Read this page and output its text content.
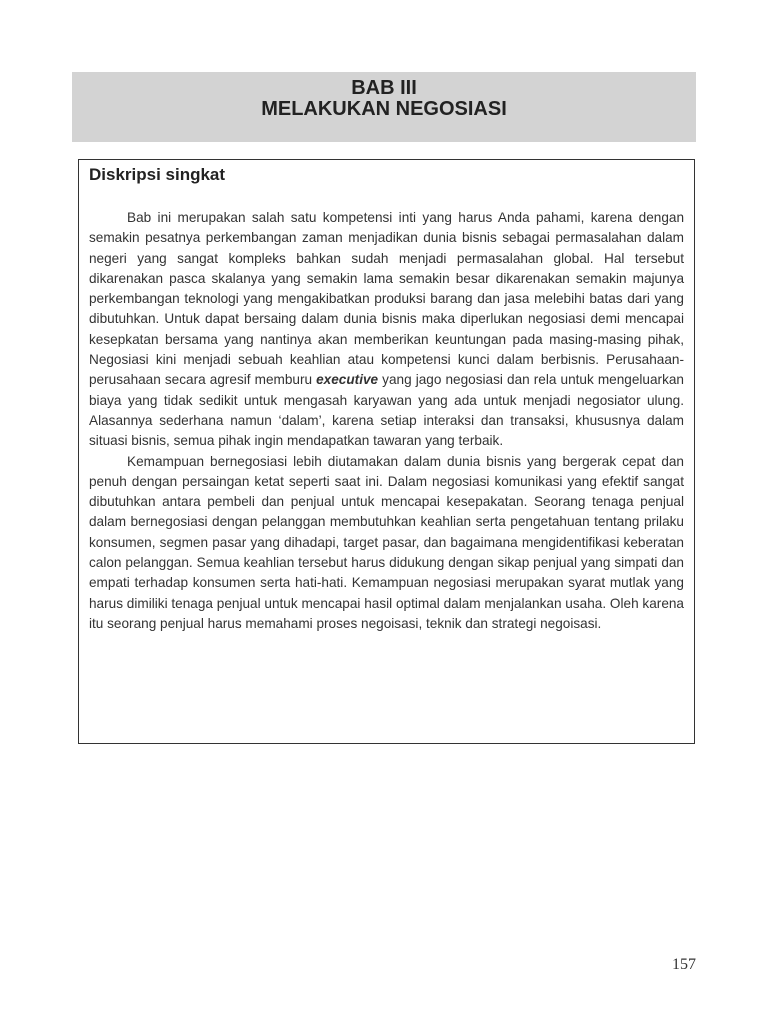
BAB III
MELAKUKAN NEGOSIASI
Diskripsi singkat

Bab ini merupakan salah satu kompetensi inti yang harus Anda pahami, karena dengan semakin pesatnya perkembangan zaman menjadikan dunia bisnis sebagai permasalahan dalam negeri yang sangat kompleks bahkan sudah menjadi permasalahan global. Hal tersebut dikarenakan pasca skalanya yang semakin lama semakin besar dikarenakan semakin majunya perkembangan teknologi yang mengakibatkan produksi barang dan jasa melebihi batas dari yang dibutuhkan. Untuk dapat bersaing dalam dunia bisnis maka diperlukan negosiasi demi mencapai kesepkatan bersama yang nantinya akan memberikan keuntungan pada masing-masing pihak, Negosiasi kini menjadi sebuah keahlian atau kompetensi kunci dalam berbisnis. Perusahaan-perusahaan secara agresif memburu executive yang jago negosiasi dan rela untuk mengeluarkan biaya yang tidak sedikit untuk mengasah karyawan yang ada untuk menjadi negosiator ulung. Alasannya sederhana namun ‘dalam’, karena setiap interaksi dan transaksi, khususnya dalam situasi bisnis, semua pihak ingin mendapatkan tawaran yang terbaik.

Kemampuan bernegosiasi lebih diutamakan dalam dunia bisnis yang bergerak cepat dan penuh dengan persaingan ketat seperti saat ini. Dalam negosiasi komunikasi yang efektif sangat dibutuhkan antara pembeli dan penjual untuk mencapai kesepakatan. Seorang tenaga penjual dalam bernegosiasi dengan pelanggan membutuhkan keahlian serta pengetahuan tentang prilaku konsumen, segmen pasar yang dihadapi, target pasar, dan bagaimana mengidentifikasi keberatan calon pelanggan. Semua keahlian tersebut harus didukung dengan sikap penjual yang simpati dan empati terhadap konsumen serta hati-hati. Kemampuan negosiasi merupakan syarat mutlak yang harus dimiliki tenaga penjual untuk mencapai hasil optimal dalam menjalankan usaha. Oleh karena itu seorang penjual harus memahami proses negoisasi, teknik dan strategi negoisasi.

157
